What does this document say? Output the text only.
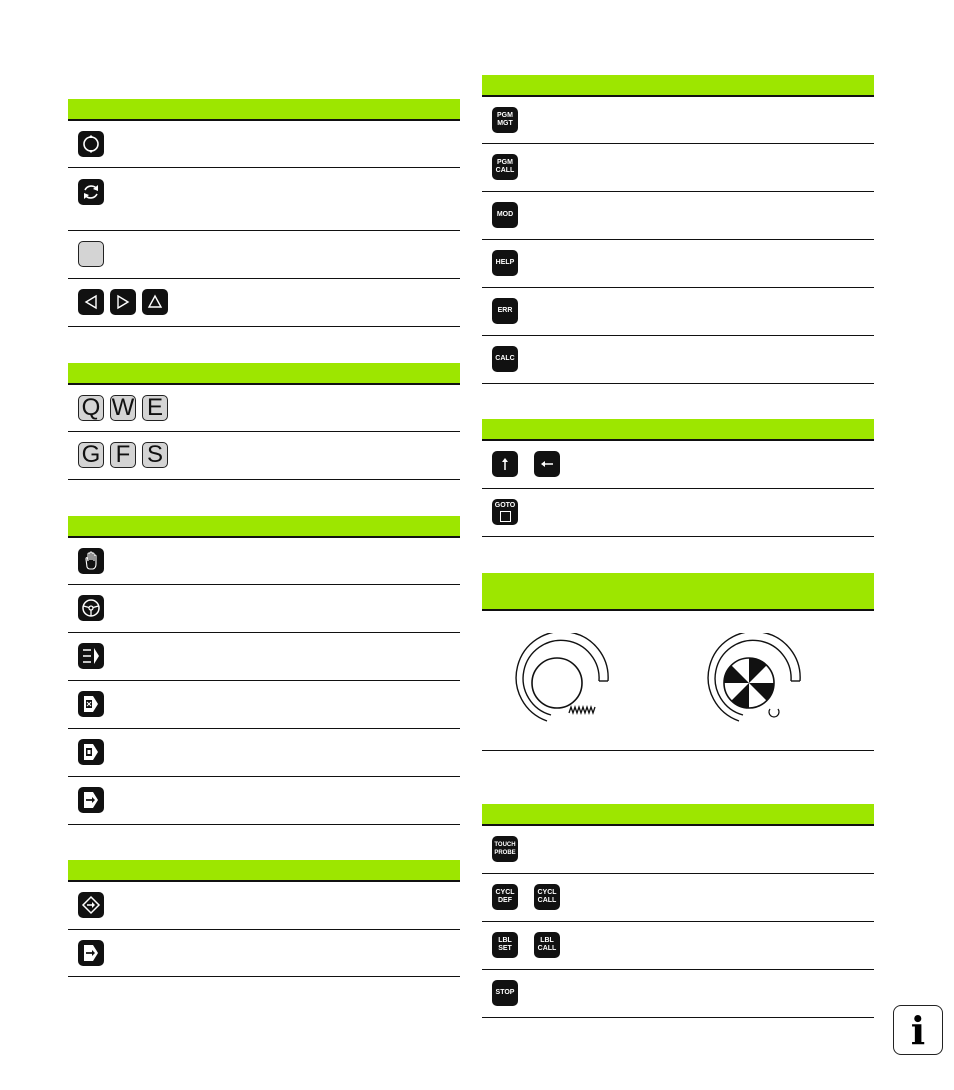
Q W E
G F S
PGM MGT
PGM CALL
MOD
HELP
ERR
CALC
GOTO
TOUCH PROBE
CYCL DEF
CYCL CALL
LBL SET
LBL CALL
STOP
i
